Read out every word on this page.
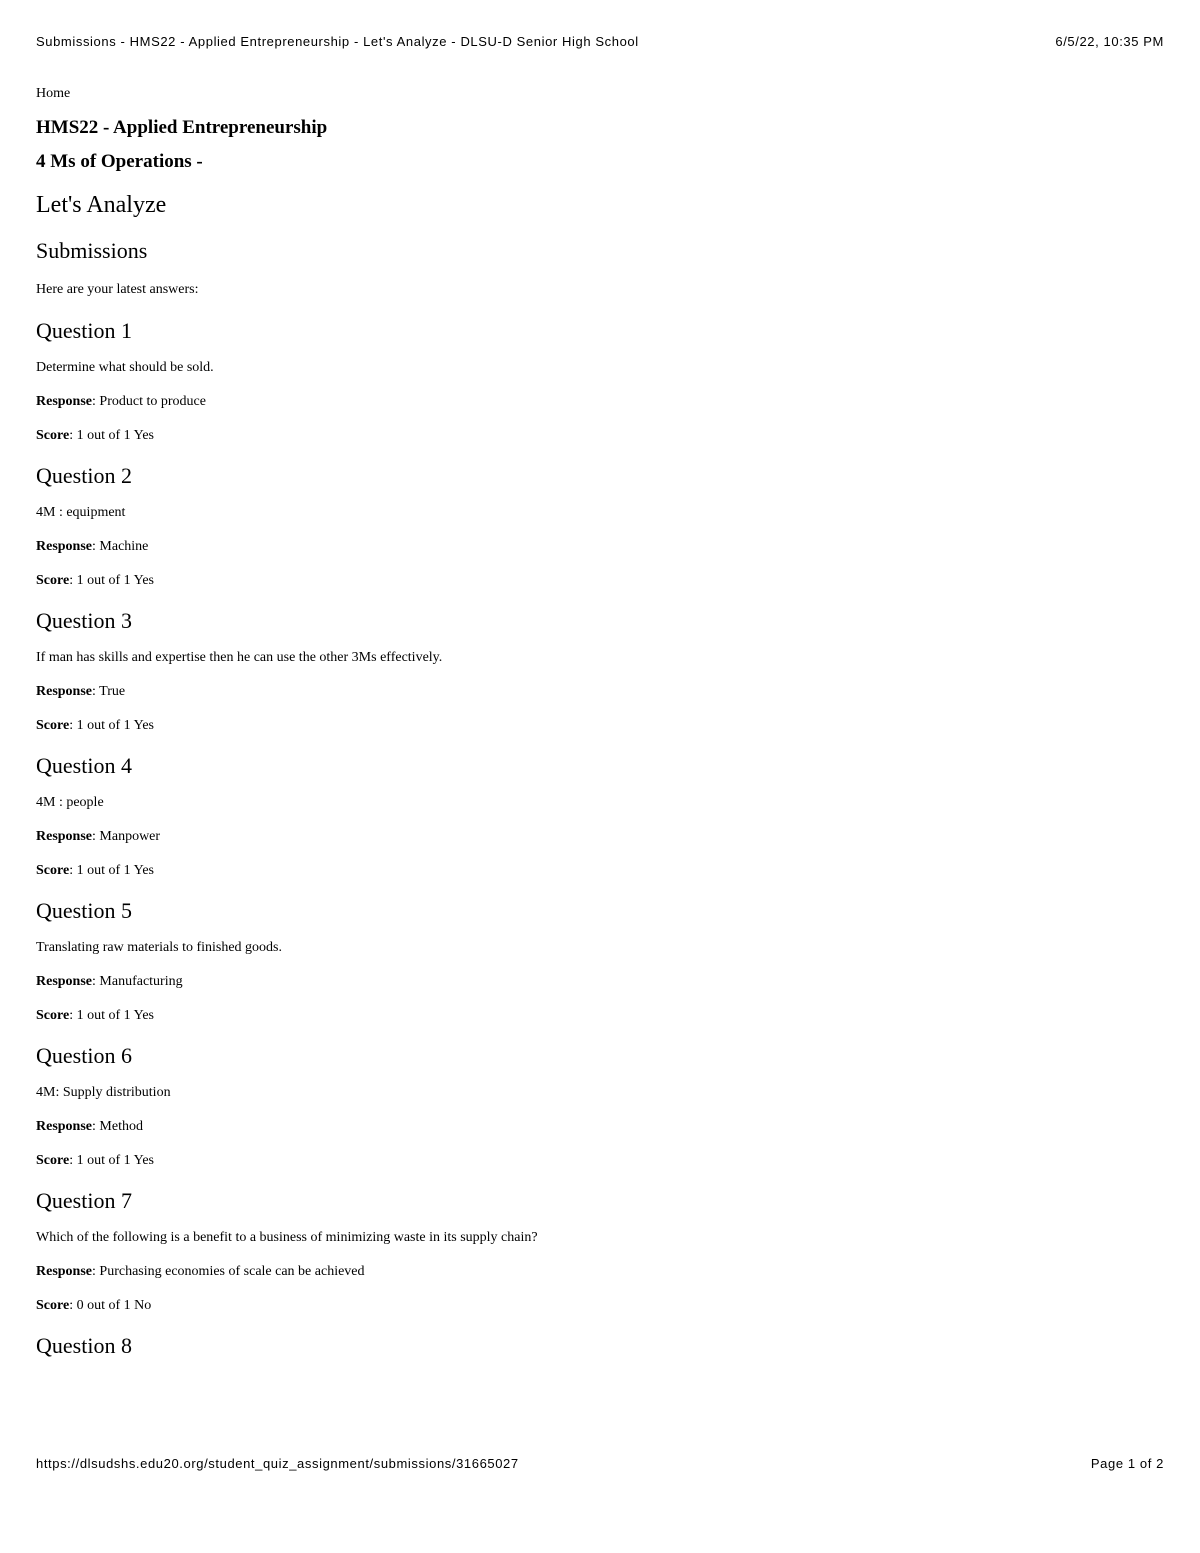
Submissions - HMS22 - Applied Entrepreneurship - Let's Analyze - DLSU-D Senior High School	6/5/22, 10:35 PM
Home
HMS22 - Applied Entrepreneurship
4 Ms of Operations -
Let's Analyze
Submissions
Here are your latest answers:
Question 1
Determine what should be sold.
Response: Product to produce
Score: 1 out of 1 Yes
Question 2
4M : equipment
Response: Machine
Score: 1 out of 1 Yes
Question 3
If man has skills and expertise then he can use the other 3Ms effectively.
Response: True
Score: 1 out of 1 Yes
Question 4
4M : people
Response: Manpower
Score: 1 out of 1 Yes
Question 5
Translating raw materials to finished goods.
Response: Manufacturing
Score: 1 out of 1 Yes
Question 6
4M: Supply distribution
Response: Method
Score: 1 out of 1 Yes
Question 7
Which of the following is a benefit to a business of minimizing waste in its supply chain?
Response: Purchasing economies of scale can be achieved
Score: 0 out of 1 No
Question 8
https://dlsudshs.edu20.org/student_quiz_assignment/submissions/31665027	Page 1 of 2
